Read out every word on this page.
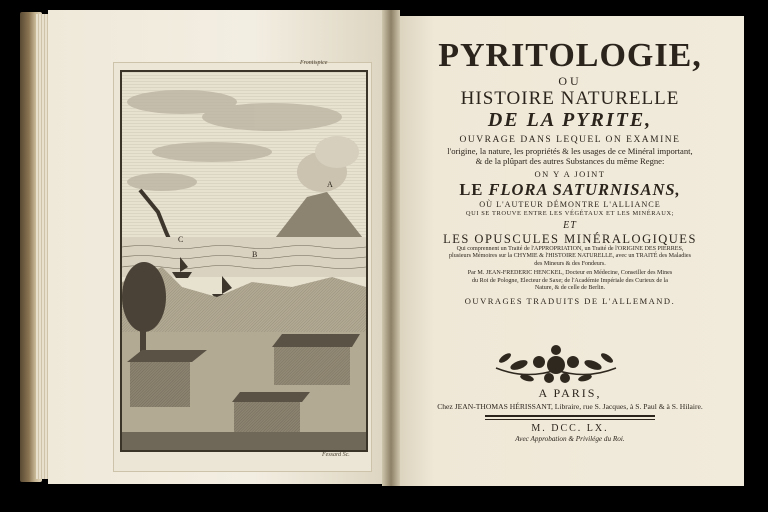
Frontispice
A
B
C
Fessard Sc.
PYRITOLOGIE,
OU
HISTOIRE NATURELLE
DE LA PYRITE,
OUVRAGE DANS LEQUEL ON EXAMINE
l'origine, la nature, les propriétés & les usages de ce Minéral important,
& de la plûpart des autres Substances du même Regne:
ON Y A JOINT
LE FLORA SATURNISANS,
OÙ L'AUTEUR DÉMONTRE L'ALLIANCE
QUI SE TROUVE ENTRE LES VÉGÉTAUX ET LES MINÉRAUX;
ET
LES OPUSCULES MINÉRALOGIQUES
Qui comprennent un Traité de l'APPROPRIATION, un Traité de l'ORIGINE DES PIERRES,
plusieurs Mémoires sur la CHYMIE & l'HISTOIRE NATURELLE, avec un TRAITÉ des Maladies
des Mineurs & des Fondeurs.
Par M. JEAN-FREDERIC HENCKEL, Docteur en Médecine, Conseiller des Mines
du Roi de Pologne, Electeur de Saxe; de l'Académie Impériale des Curieux de la
Nature, & de celle de Berlin.
OUVRAGES TRADUITS DE L'ALLEMAND.
A PARIS,
Chez JEAN-THOMAS HÉRISSANT, Libraire, rue S. Jacques, à S. Paul & à S. Hilaire.
M. DCC. LX.
Avec Approbation & Privilége du Roi.
